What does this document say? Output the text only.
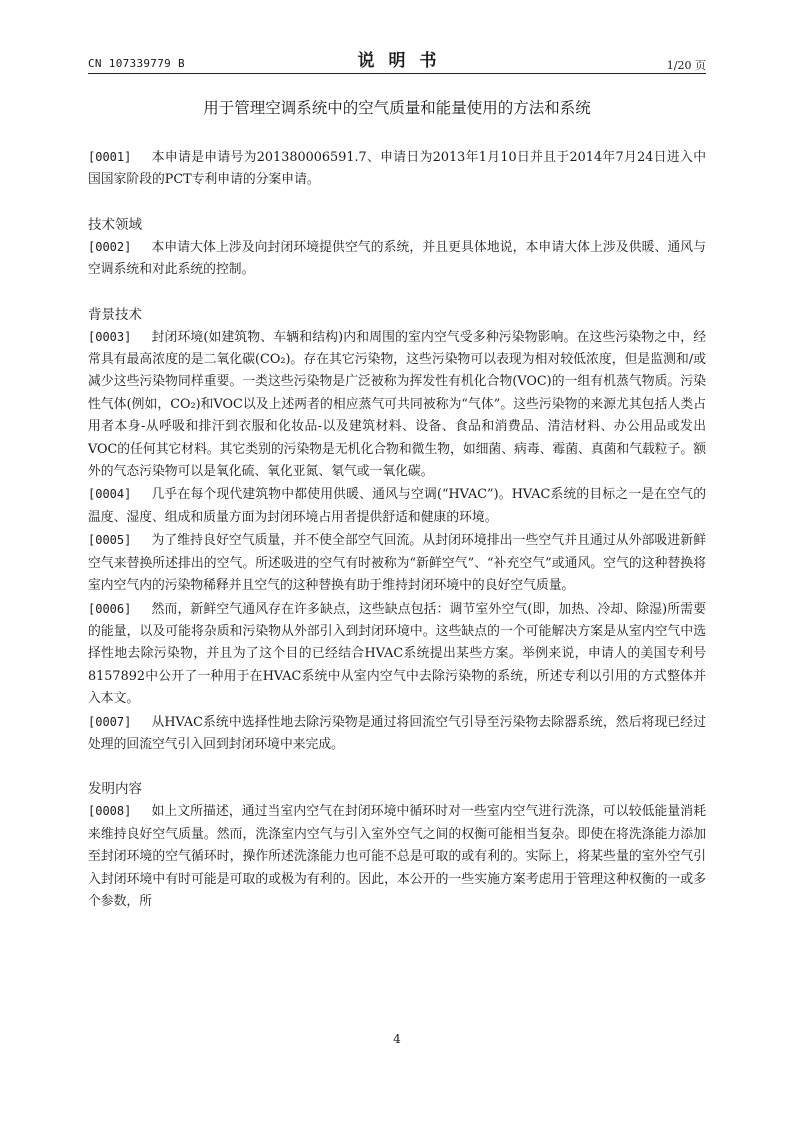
CN 107339779 B	说明书	1/20 页
用于管理空调系统中的空气质量和能量使用的方法和系统
[0001] 本申请是申请号为201380006591.7、申请日为2013年1月10日并且于2014年7月24日进入中国国家阶段的PCT专利申请的分案申请。
技术领域
[0002] 本申请大体上涉及向封闭环境提供空气的系统，并且更具体地说，本申请大体上涉及供暖、通风与空调系统和对此系统的控制。
背景技术
[0003] 封闭环境(如建筑物、车辆和结构)内和周围的室内空气受多种污染物影响。在这些污染物之中，经常具有最高浓度的是二氧化碳(CO₂)。存在其它污染物，这些污染物可以表现为相对较低浓度，但是监测和/或减少这些污染物同样重要。一类这些污染物是广泛被称为挥发性有机化合物(VOC)的一组有机蒸气物质。污染性气体(例如，CO₂)和VOC以及上述两者的相应蒸气可共同被称为“气体”。这些污染物的来源尤其包括人类占用者本身-从呼吸和排汗到衣服和化妆品-以及建筑材料、设备、食品和消费品、清洁材料、办公用品或发出VOC的任何其它材料。其它类别的污染物是无机化合物和微生物，如细菌、病毒、霉菌、真菌和气载粒子。额外的气态污染物可以是氧化硫、氧化亚氮、氡气或一氧化碳。
[0004] 几乎在每个现代建筑物中都使用供暖、通风与空调(“HVAC”)。HVAC系统的目标之一是在空气的温度、湿度、组成和质量方面为封闭环境占用者提供舒适和健康的环境。
[0005] 为了维持良好空气质量，并不使全部空气回流。从封闭环境排出一些空气并且通过从外部吸进新鲜空气来替换所述排出的空气。所述吸进的空气有时被称为“新鲜空气”、“补充空气”或通风。空气的这种替换将室内空气内的污染物稀释并且空气的这种替换有助于维持封闭环境中的良好空气质量。
[0006] 然而，新鲜空气通风存在许多缺点，这些缺点包括：调节室外空气(即，加热、冷却、除湿)所需要的能量，以及可能将杂质和污染物从外部引入到封闭环境中。这些缺点的一个可能解决方案是从室内空气中选择性地去除污染物，并且为了这个目的已经结合HVAC系统提出某些方案。举例来说，申请人的美国专利号8157892中公开了一种用于在HVAC系统中从室内空气中去除污染物的系统，所述专利以引用的方式整体并入本文。
[0007] 从HVAC系统中选择性地去除污染物是通过将回流空气引导至污染物去除器系统，然后将现已经过处理的回流空气引入回到封闭环境中来完成。
发明内容
[0008] 如上文所描述，通过当室内空气在封闭环境中循环时对一些室内空气进行洗涤，可以较低能量消耗来维持良好空气质量。然而，洗涤室内空气与引入室外空气之间的权衡可能相当复杂。即使在将洗涤能力添加至封闭环境的空气循环时，操作所述洗涤能力也可能不总是可取的或有利的。实际上，将某些量的室外空气引入封闭环境中有时可能是可取的或极为有利的。因此，本公开的一些实施方案考虑用于管理这种权衡的一或多个参数，所
4
